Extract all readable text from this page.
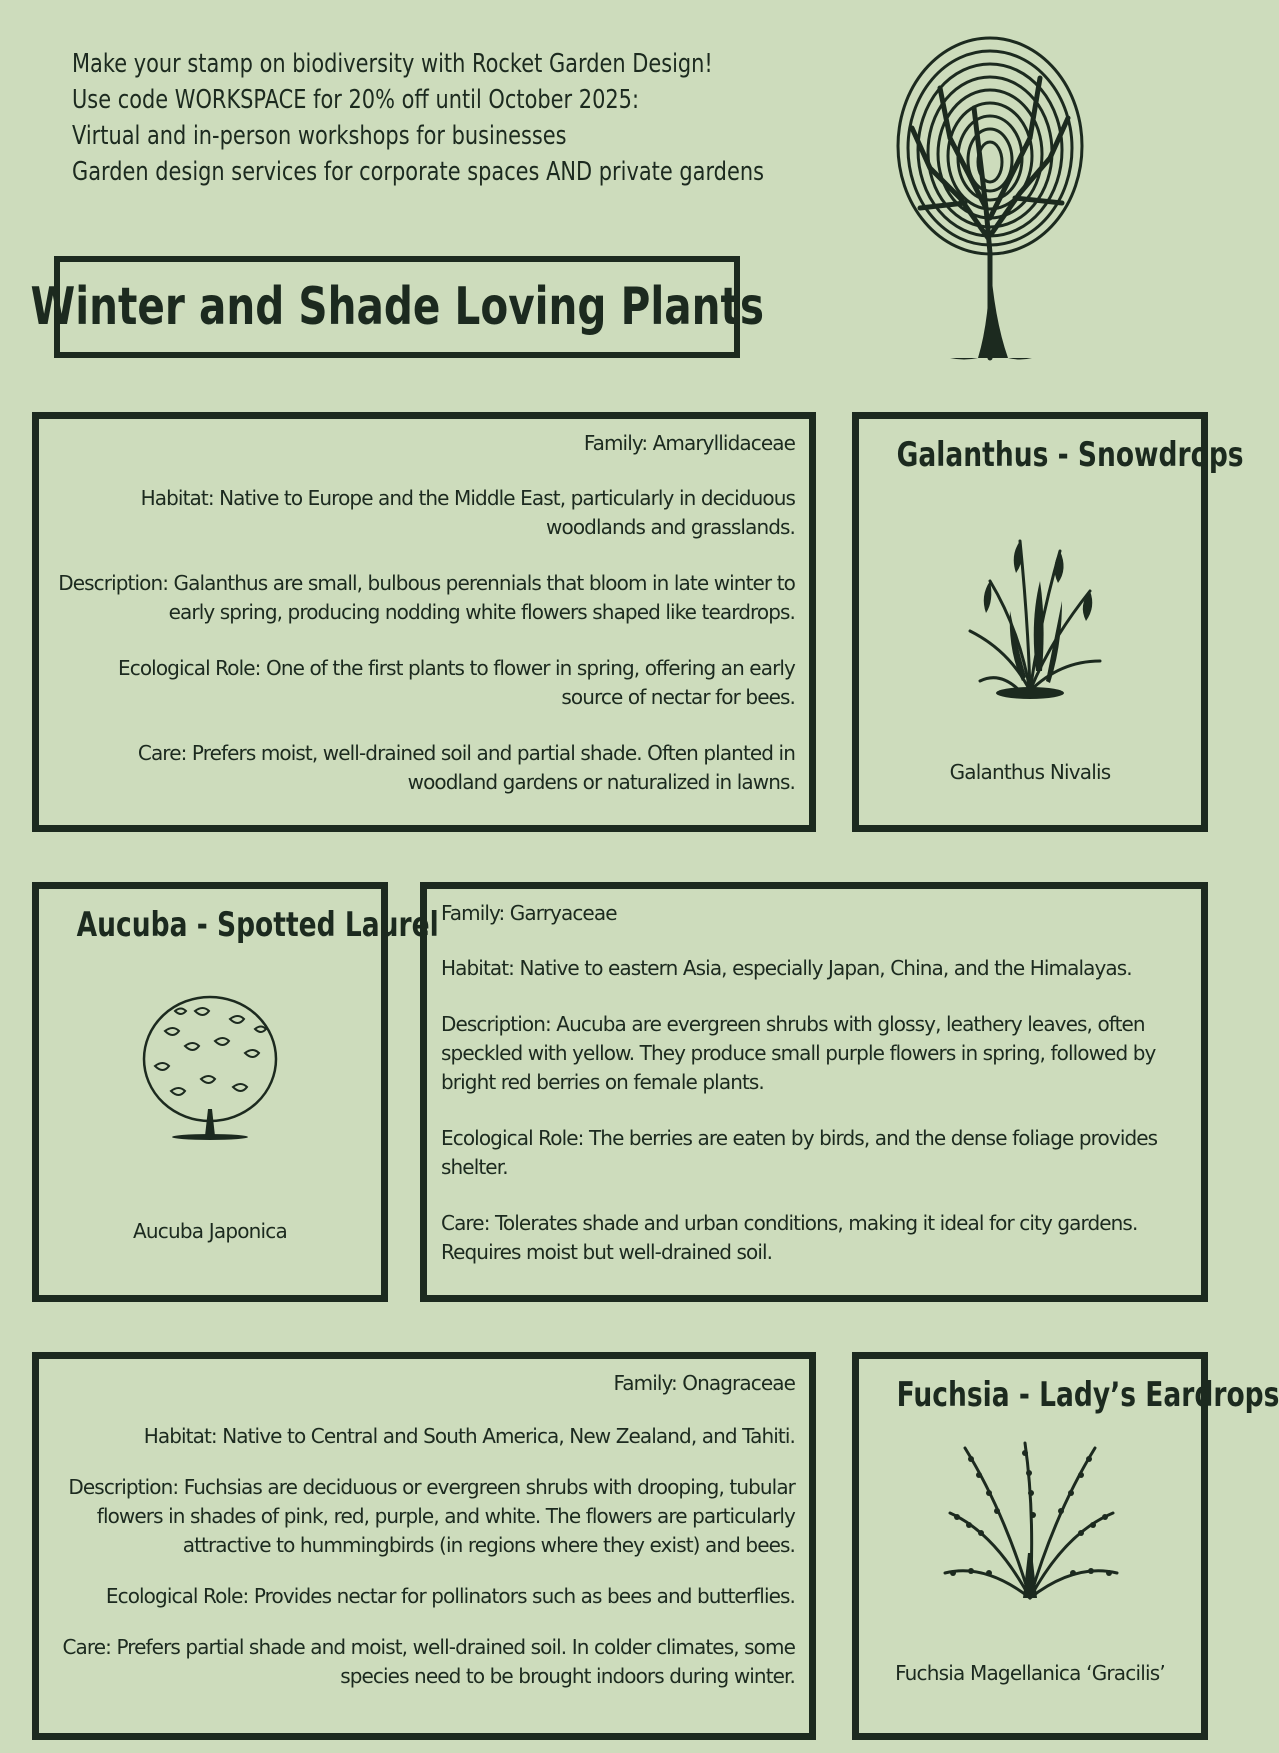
Make your stamp on biodiversity with Rocket Garden Design!
Use code WORKSPACE for 20% off until October 2025:
Virtual and in-person workshops for businesses
Garden design services for corporate spaces AND private gardens
Winter and Shade Loving Plants

Family: Amaryllidaceae

Habitat: Native to Europe and the Middle East, particularly in deciduous woodlands and grasslands.

Description: Galanthus are small, bulbous perennials that bloom in late winter to early spring, producing nodding white flowers shaped like teardrops.

Ecological Role: One of the first plants to flower in spring, offering an early source of nectar for bees.

Care: Prefers moist, well-drained soil and partial shade. Often planted in woodland gardens or naturalized in lawns.

Galanthus - Snowdrops
Galanthus Nivalis
Aucuba - Spotted Laurel
Aucuba Japonica

Family: Garryaceae

Habitat: Native to eastern Asia, especially Japan, China, and the Himalayas.

Description: Aucuba are evergreen shrubs with glossy, leathery leaves, often speckled with yellow. They produce small purple flowers in spring, followed by bright red berries on female plants.

Ecological Role: The berries are eaten by birds, and the dense foliage provides shelter.

Care: Tolerates shade and urban conditions, making it ideal for city gardens. Requires moist but well-drained soil.

Family: Onagraceae

Habitat: Native to Central and South America, New Zealand, and Tahiti.

Description: Fuchsias are deciduous or evergreen shrubs with drooping, tubular flowers in shades of pink, red, purple, and white. The flowers are particularly attractive to hummingbirds (in regions where they exist) and bees.

Ecological Role: Provides nectar for pollinators such as bees and butterflies.

Care: Prefers partial shade and moist, well-drained soil. In colder climates, some species need to be brought indoors during winter.

Fuchsia - Lady’s Eardrops
Fuchsia Magellanica ‘Gracilis’
